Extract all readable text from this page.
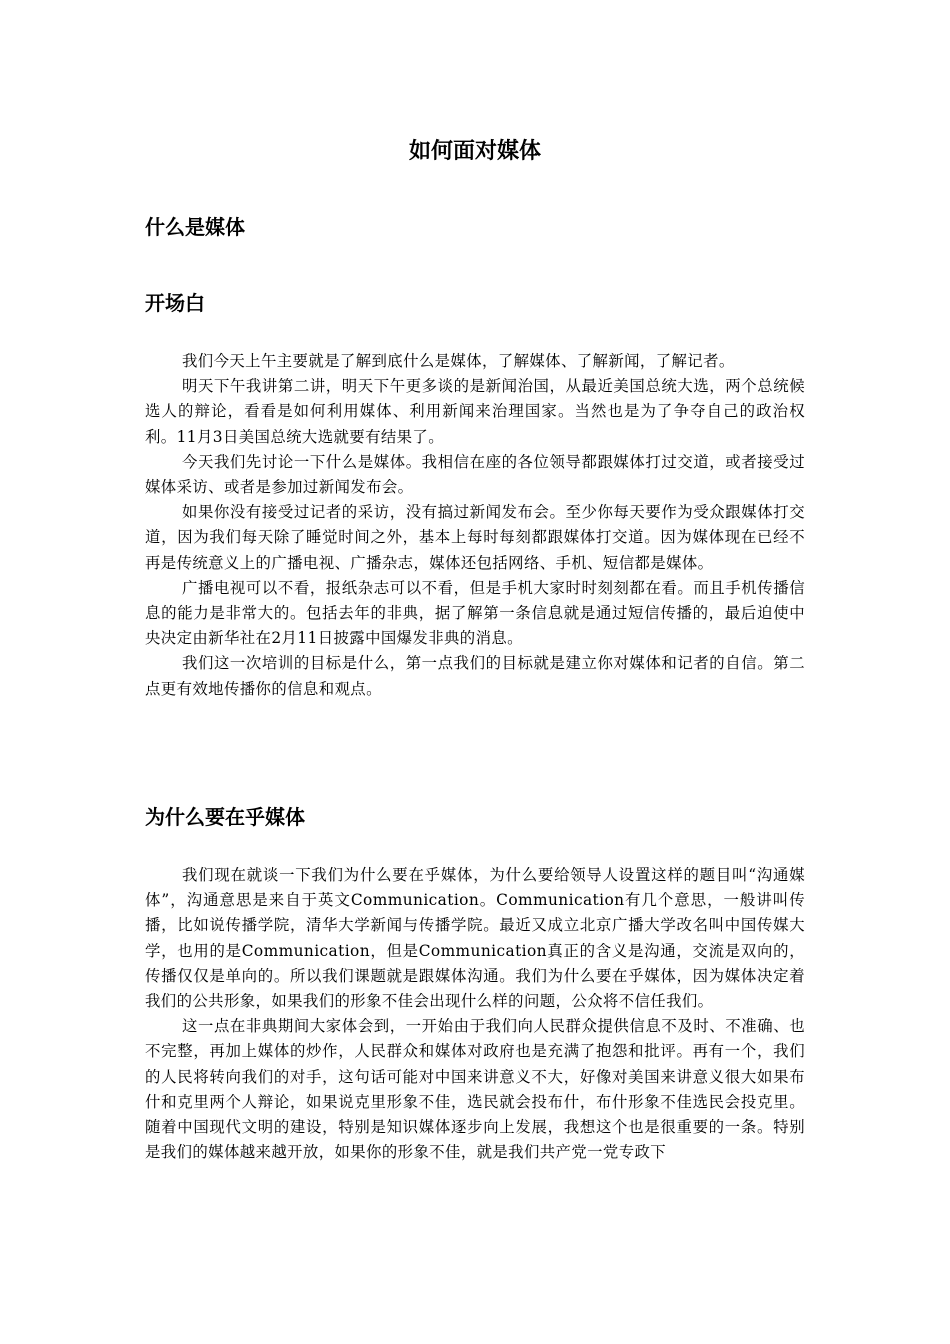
如何面对媒体
什么是媒体
开场白

我们今天上午主要就是了解到底什么是媒体，了解媒体、了解新闻，了解记者。

明天下午我讲第二讲，明天下午更多谈的是新闻治国，从最近美国总统大选，两个总统候选人的辩论，看看是如何利用媒体、利用新闻来治理国家。当然也是为了争夺自己的政治权利。11月3日美国总统大选就要有结果了。

今天我们先讨论一下什么是媒体。我相信在座的各位领导都跟媒体打过交道，或者接受过媒体采访、或者是参加过新闻发布会。

如果你没有接受过记者的采访，没有搞过新闻发布会。至少你每天要作为受众跟媒体打交道，因为我们每天除了睡觉时间之外，基本上每时每刻都跟媒体打交道。因为媒体现在已经不再是传统意义上的广播电视、广播杂志，媒体还包括网络、手机、短信都是媒体。

广播电视可以不看，报纸杂志可以不看，但是手机大家时时刻刻都在看。而且手机传播信息的能力是非常大的。包括去年的非典，据了解第一条信息就是通过短信传播的，最后迫使中央决定由新华社在2月11日披露中国爆发非典的消息。

我们这一次培训的目标是什么，第一点我们的目标就是建立你对媒体和记者的自信。第二点更有效地传播你的信息和观点。

为什么要在乎媒体

我们现在就谈一下我们为什么要在乎媒体，为什么要给领导人设置这样的题目叫“沟通媒体”，沟通意思是来自于英文Communication。Communication有几个意思，一般讲叫传播，比如说传播学院，清华大学新闻与传播学院。最近又成立北京广播大学改名叫中国传媒大学，也用的是Communication，但是Communication真正的含义是沟通，交流是双向的，传播仅仅是单向的。所以我们课题就是跟媒体沟通。我们为什么要在乎媒体，因为媒体决定着我们的公共形象，如果我们的形象不佳会出现什么样的问题，公众将不信任我们。

这一点在非典期间大家体会到，一开始由于我们向人民群众提供信息不及时、不准确、也不完整，再加上媒体的炒作，人民群众和媒体对政府也是充满了抱怨和批评。再有一个，我们的人民将转向我们的对手，这句话可能对中国来讲意义不大，好像对美国来讲意义很大如果布什和克里两个人辩论，如果说克里形象不佳，选民就会投布什，布什形象不佳选民会投克里。随着中国现代文明的建设，特别是知识媒体逐步向上发展，我想这个也是很重要的一条。特别是我们的媒体越来越开放，如果你的形象不佳，就是我们共产党一党专政下
